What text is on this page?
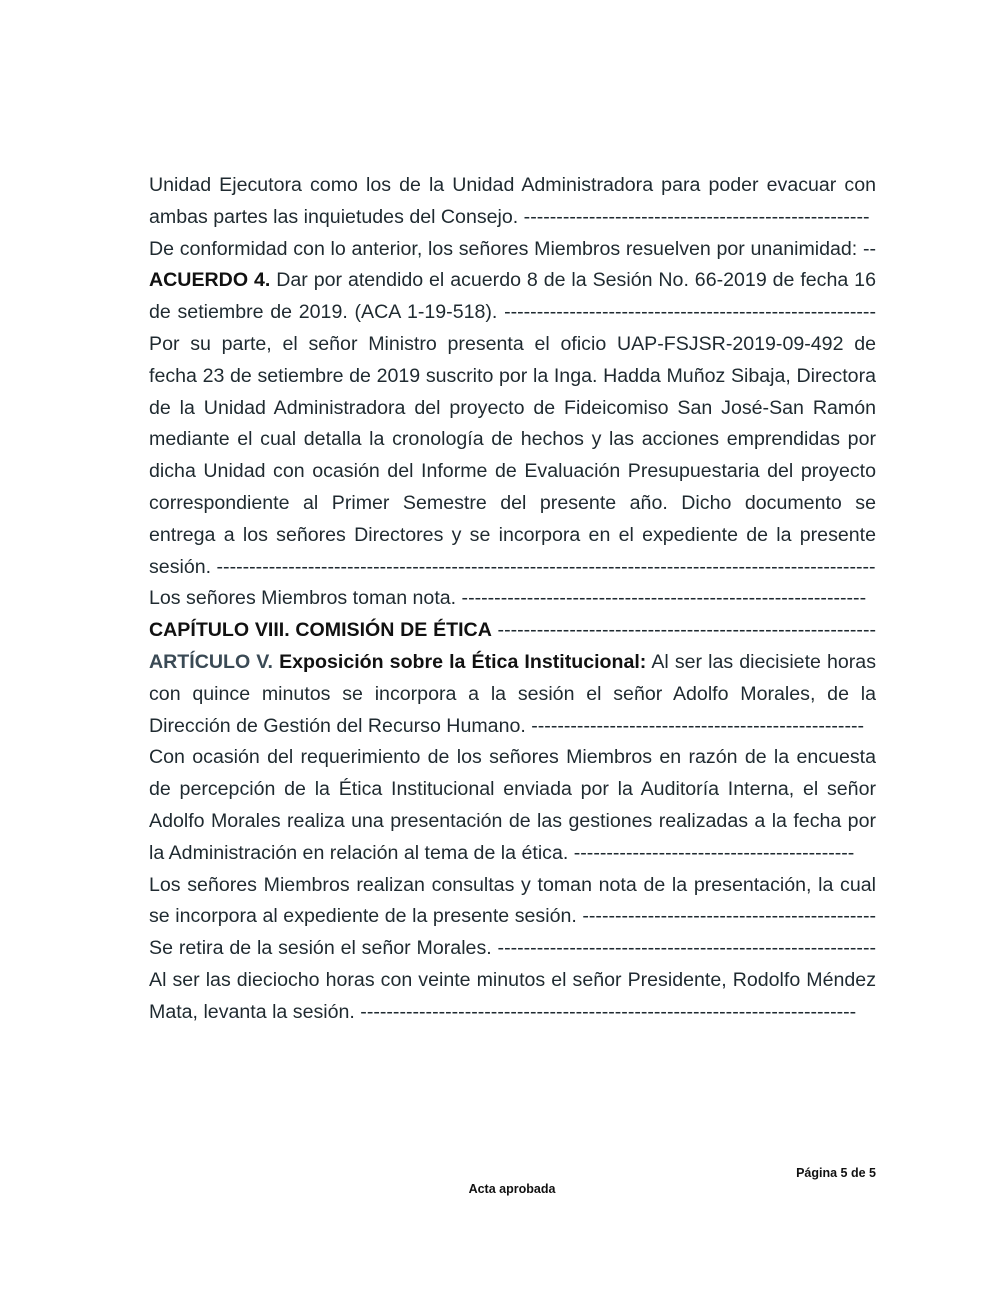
Unidad Ejecutora como los de la Unidad Administradora para poder evacuar con
ambas partes las inquietudes del Consejo. -----------------------------------------------------
De conformidad con lo anterior, los señores Miembros resuelven por unanimidad: --
ACUERDO 4. Dar por atendido el acuerdo 8 de la Sesión No. 66-2019 de fecha 16
de setiembre de 2019. (ACA 1-19-518). ---------------------------------------------------------
Por su parte, el señor Ministro presenta el oficio UAP-FSJSR-2019-09-492 de
fecha 23 de setiembre de 2019 suscrito por la Inga. Hadda Muñoz Sibaja, Directora
de la Unidad Administradora del proyecto de Fideicomiso San José-San Ramón
mediante el cual detalla la cronología de hechos y las acciones emprendidas por
dicha Unidad con ocasión del Informe de Evaluación Presupuestaria del proyecto
correspondiente al Primer Semestre del presente año. Dicho documento se
entrega a los señores Directores y se incorpora en el expediente de la presente
sesión. -----------------------------------------------------------------------------------------------------
Los señores Miembros toman nota. --------------------------------------------------------------
CAPÍTULO VIII. COMISIÓN DE ÉTICA ----------------------------------------------------------
ARTÍCULO V. Exposición sobre la Ética Institucional: Al ser las diecisiete horas
con quince minutos se incorpora a la sesión el señor Adolfo Morales, de la
Dirección de Gestión del Recurso Humano. ---------------------------------------------------
Con ocasión del requerimiento de los señores Miembros en razón de la encuesta
de percepción de la Ética Institucional enviada por la Auditoría Interna, el señor
Adolfo Morales realiza una presentación de las gestiones realizadas a la fecha por
la Administración en relación al tema de la ética. -------------------------------------------
Los señores Miembros realizan consultas y toman nota de la presentación, la cual
se incorpora al expediente de la presente sesión. ---------------------------------------------
Se retira de la sesión el señor Morales. ----------------------------------------------------------
Al ser las dieciocho horas con veinte minutos el señor Presidente, Rodolfo Méndez
Mata, levanta la sesión. ----------------------------------------------------------------------------
Página 5 de 5
Acta aprobada
